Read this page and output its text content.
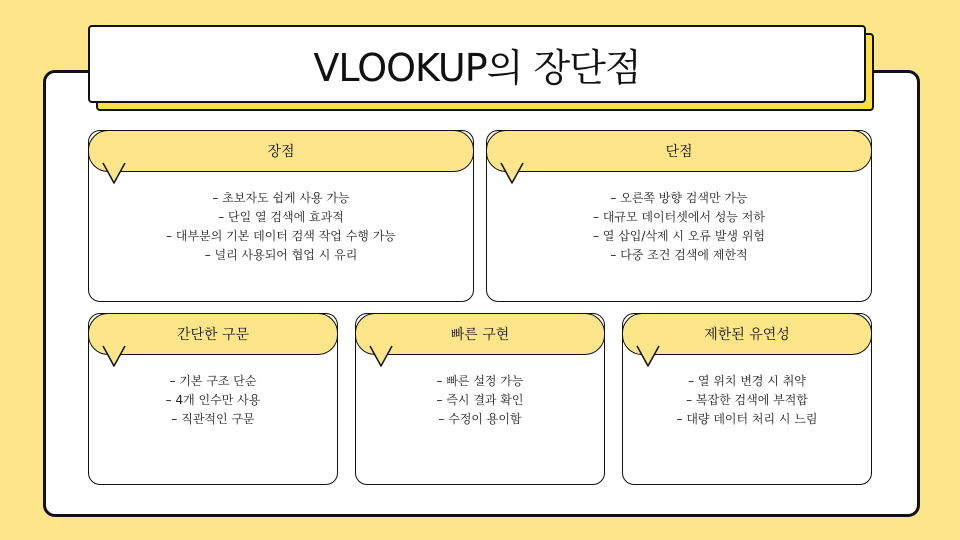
VLOOKUP의 장단점
장점
– 초보자도 쉽게 사용 가능
– 단일 열 검색에 효과적
– 대부분의 기본 데이터 검색 작업 수행 가능
– 널리 사용되어 협업 시 유리
단점
– 오른쪽 방향 검색만 가능
– 대규모 데이터셋에서 성능 저하
– 열 삽입/삭제 시 오류 발생 위험
– 다중 조건 검색에 제한적
간단한 구문
– 기본 구조 단순
– 4개 인수만 사용
– 직관적인 구문
빠른 구현
– 빠른 설정 가능
– 즉시 결과 확인
– 수정이 용이함
제한된 유연성
– 열 위치 변경 시 취약
– 복잡한 검색에 부적합
– 대량 데이터 처리 시 느림
